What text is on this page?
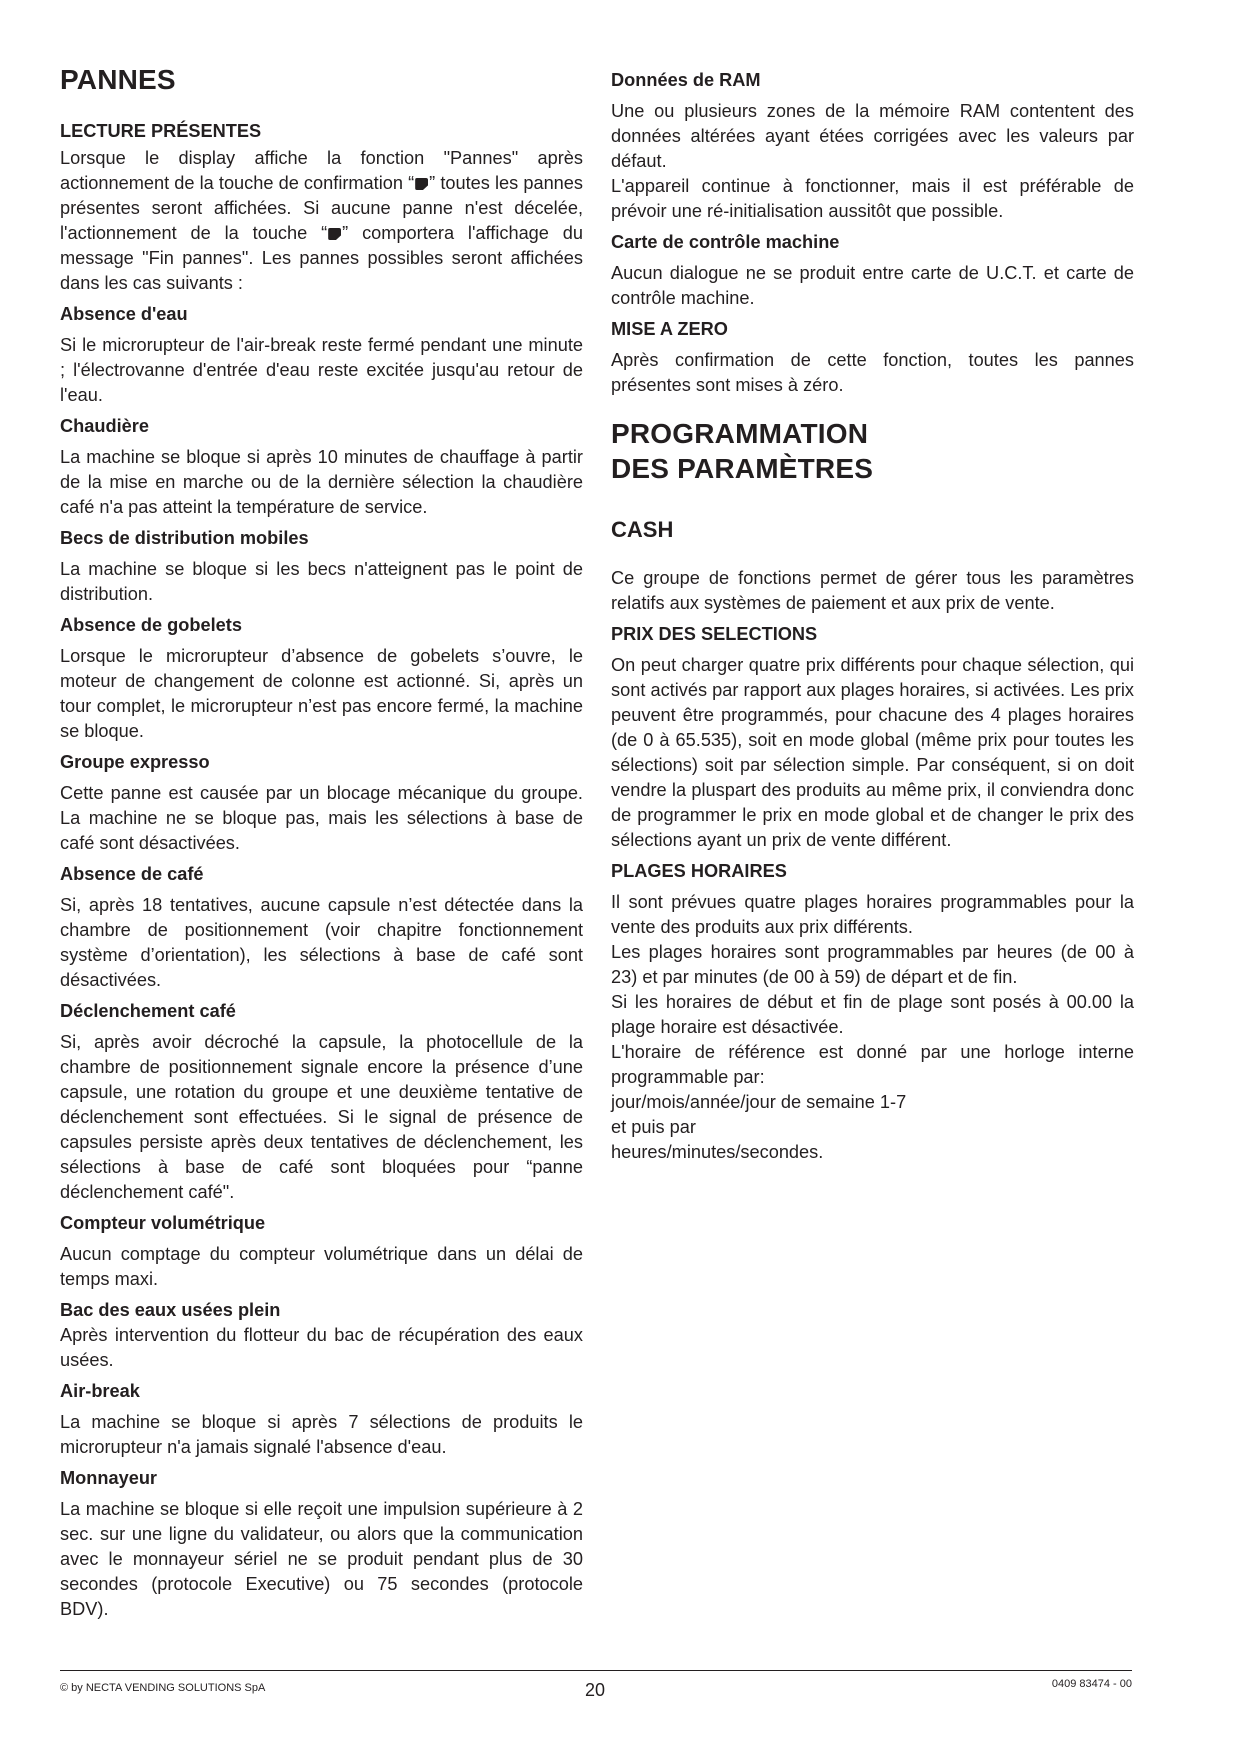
PANNES
LECTURE PRÉSENTES

Lorsque le display affiche la fonction "Pannes" après actionnement de la touche de confirmation “ ” toutes les pannes présentes seront affichées. Si aucune panne n'est décelée, l'actionnement de la touche “ ” comportera l'affichage du message "Fin pannes". Les pannes possibles seront affichées dans les cas suivants :

Absence d'eau

Si le microrupteur de l'air-break reste fermé pendant une minute ; l'électrovanne d'entrée d'eau reste excitée jusqu'au retour de l'eau.

Chaudière

La machine se bloque si après 10 minutes de chauffage à partir de la mise en marche ou de la dernière sélection la chaudière café n'a pas atteint la température de service.

Becs de distribution mobiles

La machine se bloque si les becs n'atteignent pas le point de distribution.

Absence de gobelets

Lorsque le microrupteur d’absence de gobelets s’ouvre, le moteur de changement de colonne est actionné. Si, après un tour complet, le microrupteur n’est pas encore fermé, la machine se bloque.

Groupe expresso

Cette panne est causée par un blocage mécanique du groupe. La machine ne se bloque pas, mais les sélections à base de café sont désactivées.

Absence de café

Si, après 18 tentatives, aucune capsule n’est détectée dans la chambre de positionnement (voir chapitre fonctionnement système d’orientation), les sélections à base de café sont désactivées.

Déclenchement café

Si, après avoir décroché la capsule, la photocellule de la chambre de positionnement signale encore la présence d’une capsule, une rotation du groupe et une deuxième tentative de déclenchement sont effectuées. Si le signal de présence de capsules persiste après deux tentatives de déclenchement, les sélections à base de café sont bloquées pour “panne déclenchement café".

Compteur volumétrique

Aucun comptage du compteur volumétrique dans un délai de temps maxi.

Bac des eaux usées plein

Après intervention du flotteur du bac de récupération des eaux usées.

Air-break

La machine se bloque si après 7 sélections de produits le microrupteur n'a jamais signalé l'absence d'eau.

Monnayeur

La machine se bloque si elle reçoit une impulsion supérieure à 2 sec. sur une ligne du validateur, ou alors que la communication avec le monnayeur sériel ne se produit pendant plus de 30 secondes (protocole Executive) ou 75 secondes (protocole BDV).

Données de RAM

Une ou plusieurs zones de la mémoire RAM contentent des données altérées ayant étées corrigées avec les valeurs par défaut.

L'appareil continue à fonctionner, mais il est préférable de prévoir une ré-initialisation aussitôt que possible.

Carte de contrôle machine

Aucun dialogue ne se produit entre carte de U.C.T. et carte de contrôle machine.

MISE A ZERO

Après confirmation de cette fonction, toutes les pannes présentes sont mises à zéro.

PROGRAMMATION
DES PARAMÈTRES
CASH

Ce groupe de fonctions permet de gérer tous les paramètres relatifs aux systèmes de paiement et aux prix de vente.

PRIX DES SELECTIONS

On peut charger quatre prix différents pour chaque sélection, qui sont activés par rapport aux plages horaires, si activées. Les prix peuvent être programmés, pour chacune des 4 plages horaires (de 0 à 65.535), soit en mode global (même prix pour toutes les sélections) soit par sélection simple. Par conséquent, si on doit vendre la pluspart des produits au même prix, il conviendra donc de programmer le prix en mode global et de changer le prix des sélections ayant un prix de vente différent.

PLAGES HORAIRES

Il sont prévues quatre plages horaires programmables pour la vente des produits aux prix différents.

Les plages horaires sont programmables par heures (de 00 à 23) et par minutes (de 00 à 59) de départ et de fin.

Si les horaires de début et fin de plage sont posés à 00.00 la plage horaire est désactivée.

L'horaire de référence est donné par une horloge interne programmable par:

jour/mois/année/jour de semaine 1-7

et puis par

heures/minutes/secondes.

© by NECTA VENDING SOLUTIONS SpA	20	0409 83474 - 00
